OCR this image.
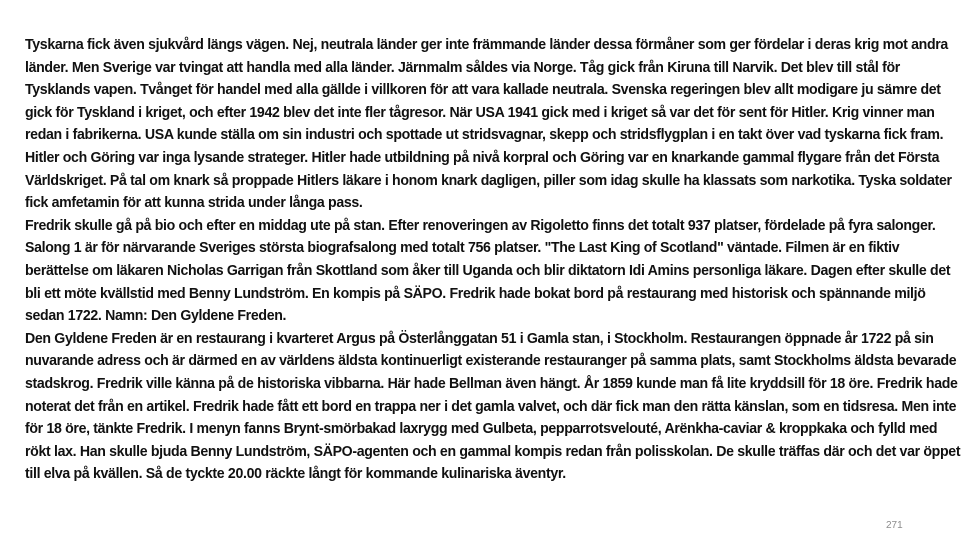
Tyskarna fick även sjukvård längs vägen. Nej, neutrala länder ger inte främmande länder dessa förmåner som ger fördelar i deras krig mot andra länder. Men Sverige var tvingat att handla med alla länder. Järnmalm såldes via Norge. Tåg gick från Kiruna till Narvik. Det blev till stål för Tysklands vapen. Tvånget för handel med alla gällde i villkoren för att vara kallade neutrala. Svenska regeringen blev allt modigare ju sämre det gick för Tyskland i kriget, och efter 1942 blev det inte fler tågresor. När USA 1941 gick med i kriget så var det för sent för Hitler. Krig vinner man redan i fabrikerna. USA kunde ställa om sin industri och spottade ut stridsvagnar, skepp och stridsflygplan i en takt över vad tyskarna fick fram. Hitler och Göring var inga lysande strateger. Hitler hade utbildning på nivå korpral och Göring var en knarkande gammal flygare från det Första Världskriget. På tal om knark så proppade Hitlers läkare i honom knark dagligen, piller som idag skulle ha klassats som narkotika. Tyska soldater fick amfetamin för att kunna strida under långa pass.

Fredrik skulle gå på bio och efter en middag ute på stan. Efter renoveringen av Rigoletto finns det totalt 937 platser, fördelade på fyra salonger. Salong 1 är för närvarande Sveriges största biografsalong med totalt 756 platser. "The Last King of Scotland" väntade. Filmen är en fiktiv berättelse om läkaren Nicholas Garrigan från Skottland som åker till Uganda och blir diktatorn Idi Amins personliga läkare. Dagen efter skulle det bli ett möte kvällstid med Benny Lundström. En kompis på SÄPO. Fredrik hade bokat bord på restaurang med historisk och spännande miljö sedan 1722. Namn: Den Gyldene Freden.

Den Gyldene Freden är en restaurang i kvarteret Argus på Österlånggatan 51 i Gamla stan, i Stockholm. Restaurangen öppnade år 1722 på sin nuvarande adress och är därmed en av världens äldsta kontinuerligt existerande restauranger på samma plats, samt Stockholms äldsta bevarade stadskrog. Fredrik ville känna på de historiska vibbarna. Här hade Bellman även hängt. År 1859 kunde man få lite kryddsill för 18 öre. Fredrik hade noterat det från en artikel. Fredrik hade fått ett bord en trappa ner i det gamla valvet, och där fick man den rätta känslan, som en tidsresa. Men inte för 18 öre, tänkte Fredrik. I menyn fanns Brynt-smörbakad laxrygg med Gulbeta, pepparrotsvelouté, Arënkha-caviar & kroppkaka och fylld med rökt lax. Han skulle bjuda Benny Lundström, SÄPO-agenten och en gammal kompis redan från polisskolan. De skulle träffas där och det var öppet till elva på kvällen. Så de tyckte 20.00 räckte långt för kommande kulinariska äventyr.

271
